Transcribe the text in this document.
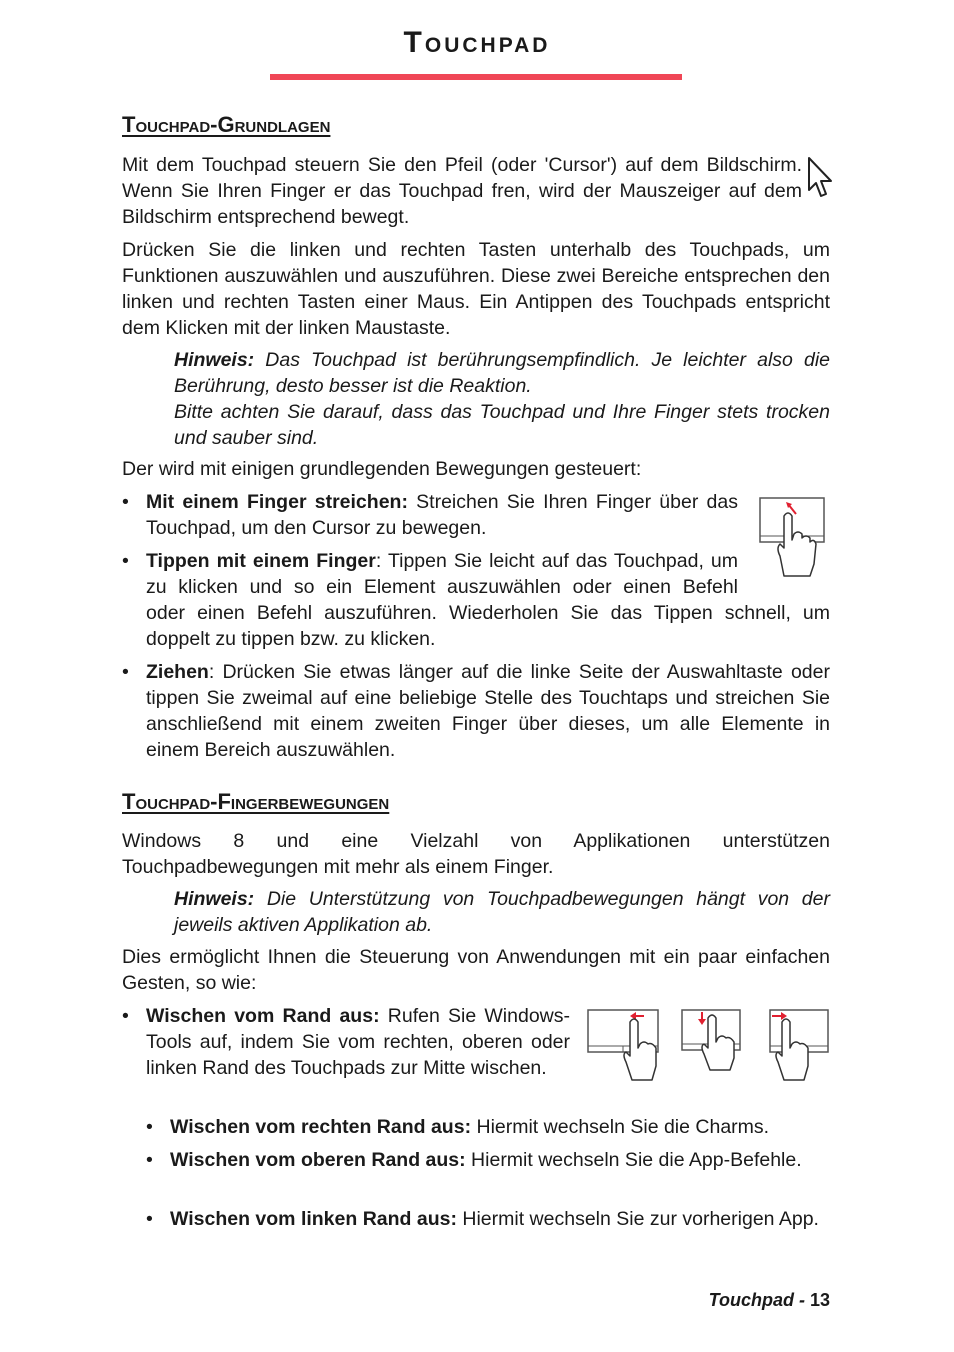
Touchpad
Touchpad-Grundlagen

Mit dem Touchpad steuern Sie den Pfeil (oder 'Cursor') auf dem Bildschirm. Wenn Sie Ihren Finger er das Touchpad fren, wird der Mauszeiger auf dem Bildschirm entsprechend bewegt.

Drücken Sie die linken und rechten Tasten unterhalb des Touchpads, um Funktionen auszuwählen und auszuführen. Diese zwei Bereiche entsprechen den linken und rechten Tasten einer Maus. Ein Antippen des Touchpads entspricht dem Klicken mit der linken Maustaste.

Hinweis: Das Touchpad ist berührungsempfindlich. Je leichter also die Berührung, desto besser ist die Reaktion.

Bitte achten Sie darauf, dass das Touchpad und Ihre Finger stets trocken und sauber sind.

Der wird mit einigen grundlegenden Bewegungen gesteuert:

• Mit einem Finger streichen: Streichen Sie Ihren Finger über das Touchpad, um den Cursor zu bewegen.

• Tippen mit einem Finger: Tippen Sie leicht auf das Touchpad, um zu klicken und so ein Element auszuwählen oder einen Befehl

oder einen Befehl auszuführen. Wiederholen Sie das Tippen schnell, um doppelt zu tippen bzw. zu klicken.

• Ziehen: Drücken Sie etwas länger auf die linke Seite der Auswahltaste oder tippen Sie zweimal auf eine beliebige Stelle des Touchtaps und streichen Sie anschließend mit einem zweiten Finger über dieses, um alle Elemente in einem Bereich auszuwählen.

Touchpad-Fingerbewegungen

Windows 8 und eine Vielzahl von Applikationen unterstützen Touchpadbewegungen mit mehr als einem Finger.

Hinweis: Die Unterstützung von Touchpadbewegungen hängt von der jeweils aktiven Applikation ab.

Dies ermöglicht Ihnen die Steuerung von Anwendungen mit ein paar einfachen Gesten, so wie:

• Wischen vom Rand aus: Rufen Sie Windows-Tools auf, indem Sie vom rechten, oberen oder linken Rand des Touchpads zur Mitte wischen.

• Wischen vom rechten Rand aus: Hiermit wechseln Sie die Charms.

• Wischen vom oberen Rand aus: Hiermit wechseln Sie die App-Befehle.

• Wischen vom linken Rand aus: Hiermit wechseln Sie zur vorherigen App.

Touchpad - 13
